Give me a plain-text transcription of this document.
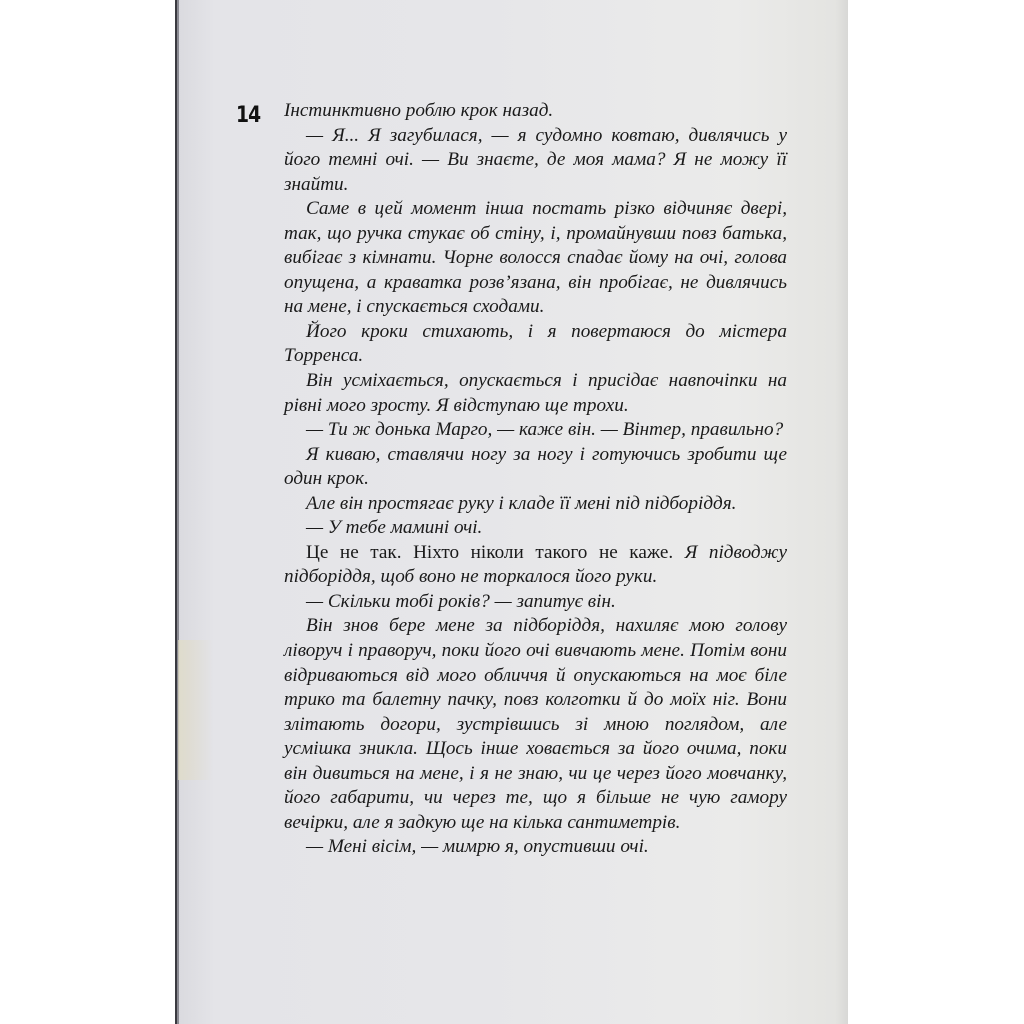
14 Інстинктивно роблю крок назад.

— Я... Я загубилася, — я судомно ковтаю, дивлячись у його темні очі. — Ви знаєте, де моя мама? Я не можу її знайти.

Саме в цей момент інша постать різко відчиняє двері, так, що ручка стукає об стіну, і, промайнувши повз батька, вибігає з кімнати. Чорне волосся спадає йому на очі, голова опущена, а краватка розв’язана, він пробігає, не дивлячись на мене, і спускається сходами.

Його кроки стихають, і я повертаюся до містера Торренса.

Він усміхається, опускається і присідає навпочіпки на рівні мого зросту. Я відступаю ще трохи.

— Ти ж донька Марго, — каже він. — Вінтер, правильно?

Я киваю, ставлячи ногу за ногу і готуючись зробити ще один крок.

Але він простягає руку і кладе її мені під підборіддя.

— У тебе мамині очі.

Це не так. Ніхто ніколи такого не каже. Я підводжу підборіддя, щоб воно не торкалося його руки.

— Скільки тобі років? — запитує він.

Він знов бере мене за підборіддя, нахиляє мою голову ліворуч і праворуч, поки його очі вивчають мене. Потім вони відриваються від мого обличчя й опускаються на моє біле трико та балетну пачку, повз колготки й до моїх ніг. Вони злітають догори, зустрівшись зі мною поглядом, але усмішка зникла. Щось інше ховається за його очима, поки він дивиться на мене, і я не знаю, чи це через його мовчанку, його габарити, чи через те, що я більше не чую гамору вечірки, але я задкую ще на кілька сантиметрів.

— Мені вісім, — мимрю я, опустивши очі.
